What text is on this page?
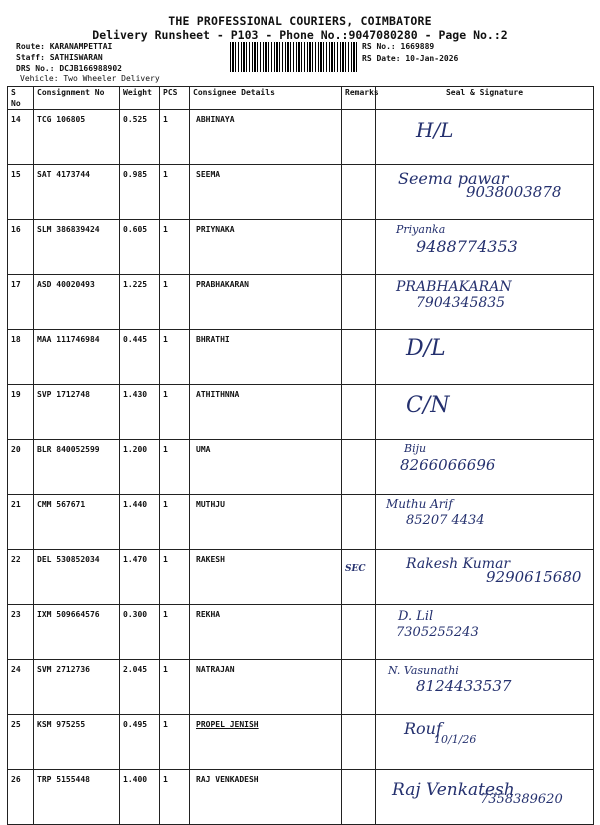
THE PROFESSIONAL COURIERS, COIMBATORE
Delivery Runsheet - P103 - Phone No.:9047080280 - Page No.:2
Route: KARANAMPETTAI
Staff: SATHISWARAN
DRS No.: DCJB166988902
Vehicle: Two Wheeler Delivery
RS No.: 1669889
RS Date: 10-Jan-2026
S No	Consignment No	Weight	PCS	Consignee Details	Remarks	Seal & Signature
14	TCG 106805	0.525	1	ABHINAYA		H/L

15	SAT 4173744	0.985	1	SEEMA		Seema pawar
9038003878

16	SLM 386839424	0.605	1	PRIYNAKA		Priyanka
9488774353

17	ASD 40020493	1.225	1	PRABHAKARAN		PRABHAKARAN
7904345835

18	MAA 111746984	0.445	1	BHRATHI		D/L

19	SVP 1712748	1.430	1	ATHITHNNA		C/N

20	BLR 840052599	1.200	1	UMA		Biju
8266066696

21	CMM 567671	1.440	1	MUTHJU		Muthu Arif
85207 4434

22	DEL 530852034	1.470	1	RAKESH	SEC	Rakesh Kumar
9290615680

23	IXM 509664576	0.300	1	REKHA		D. Lil
7305255243

24	SVM 2712736	2.045	1	NATRAJAN		N. Vasunathi
8124433537

25	KSM 975255	0.495	1	PROPEL JENISH		Rouf
10/1/26

26	TRP 5155448	1.400	1	RAJ VENKADESH		Raj Venkatesh
7358389620
